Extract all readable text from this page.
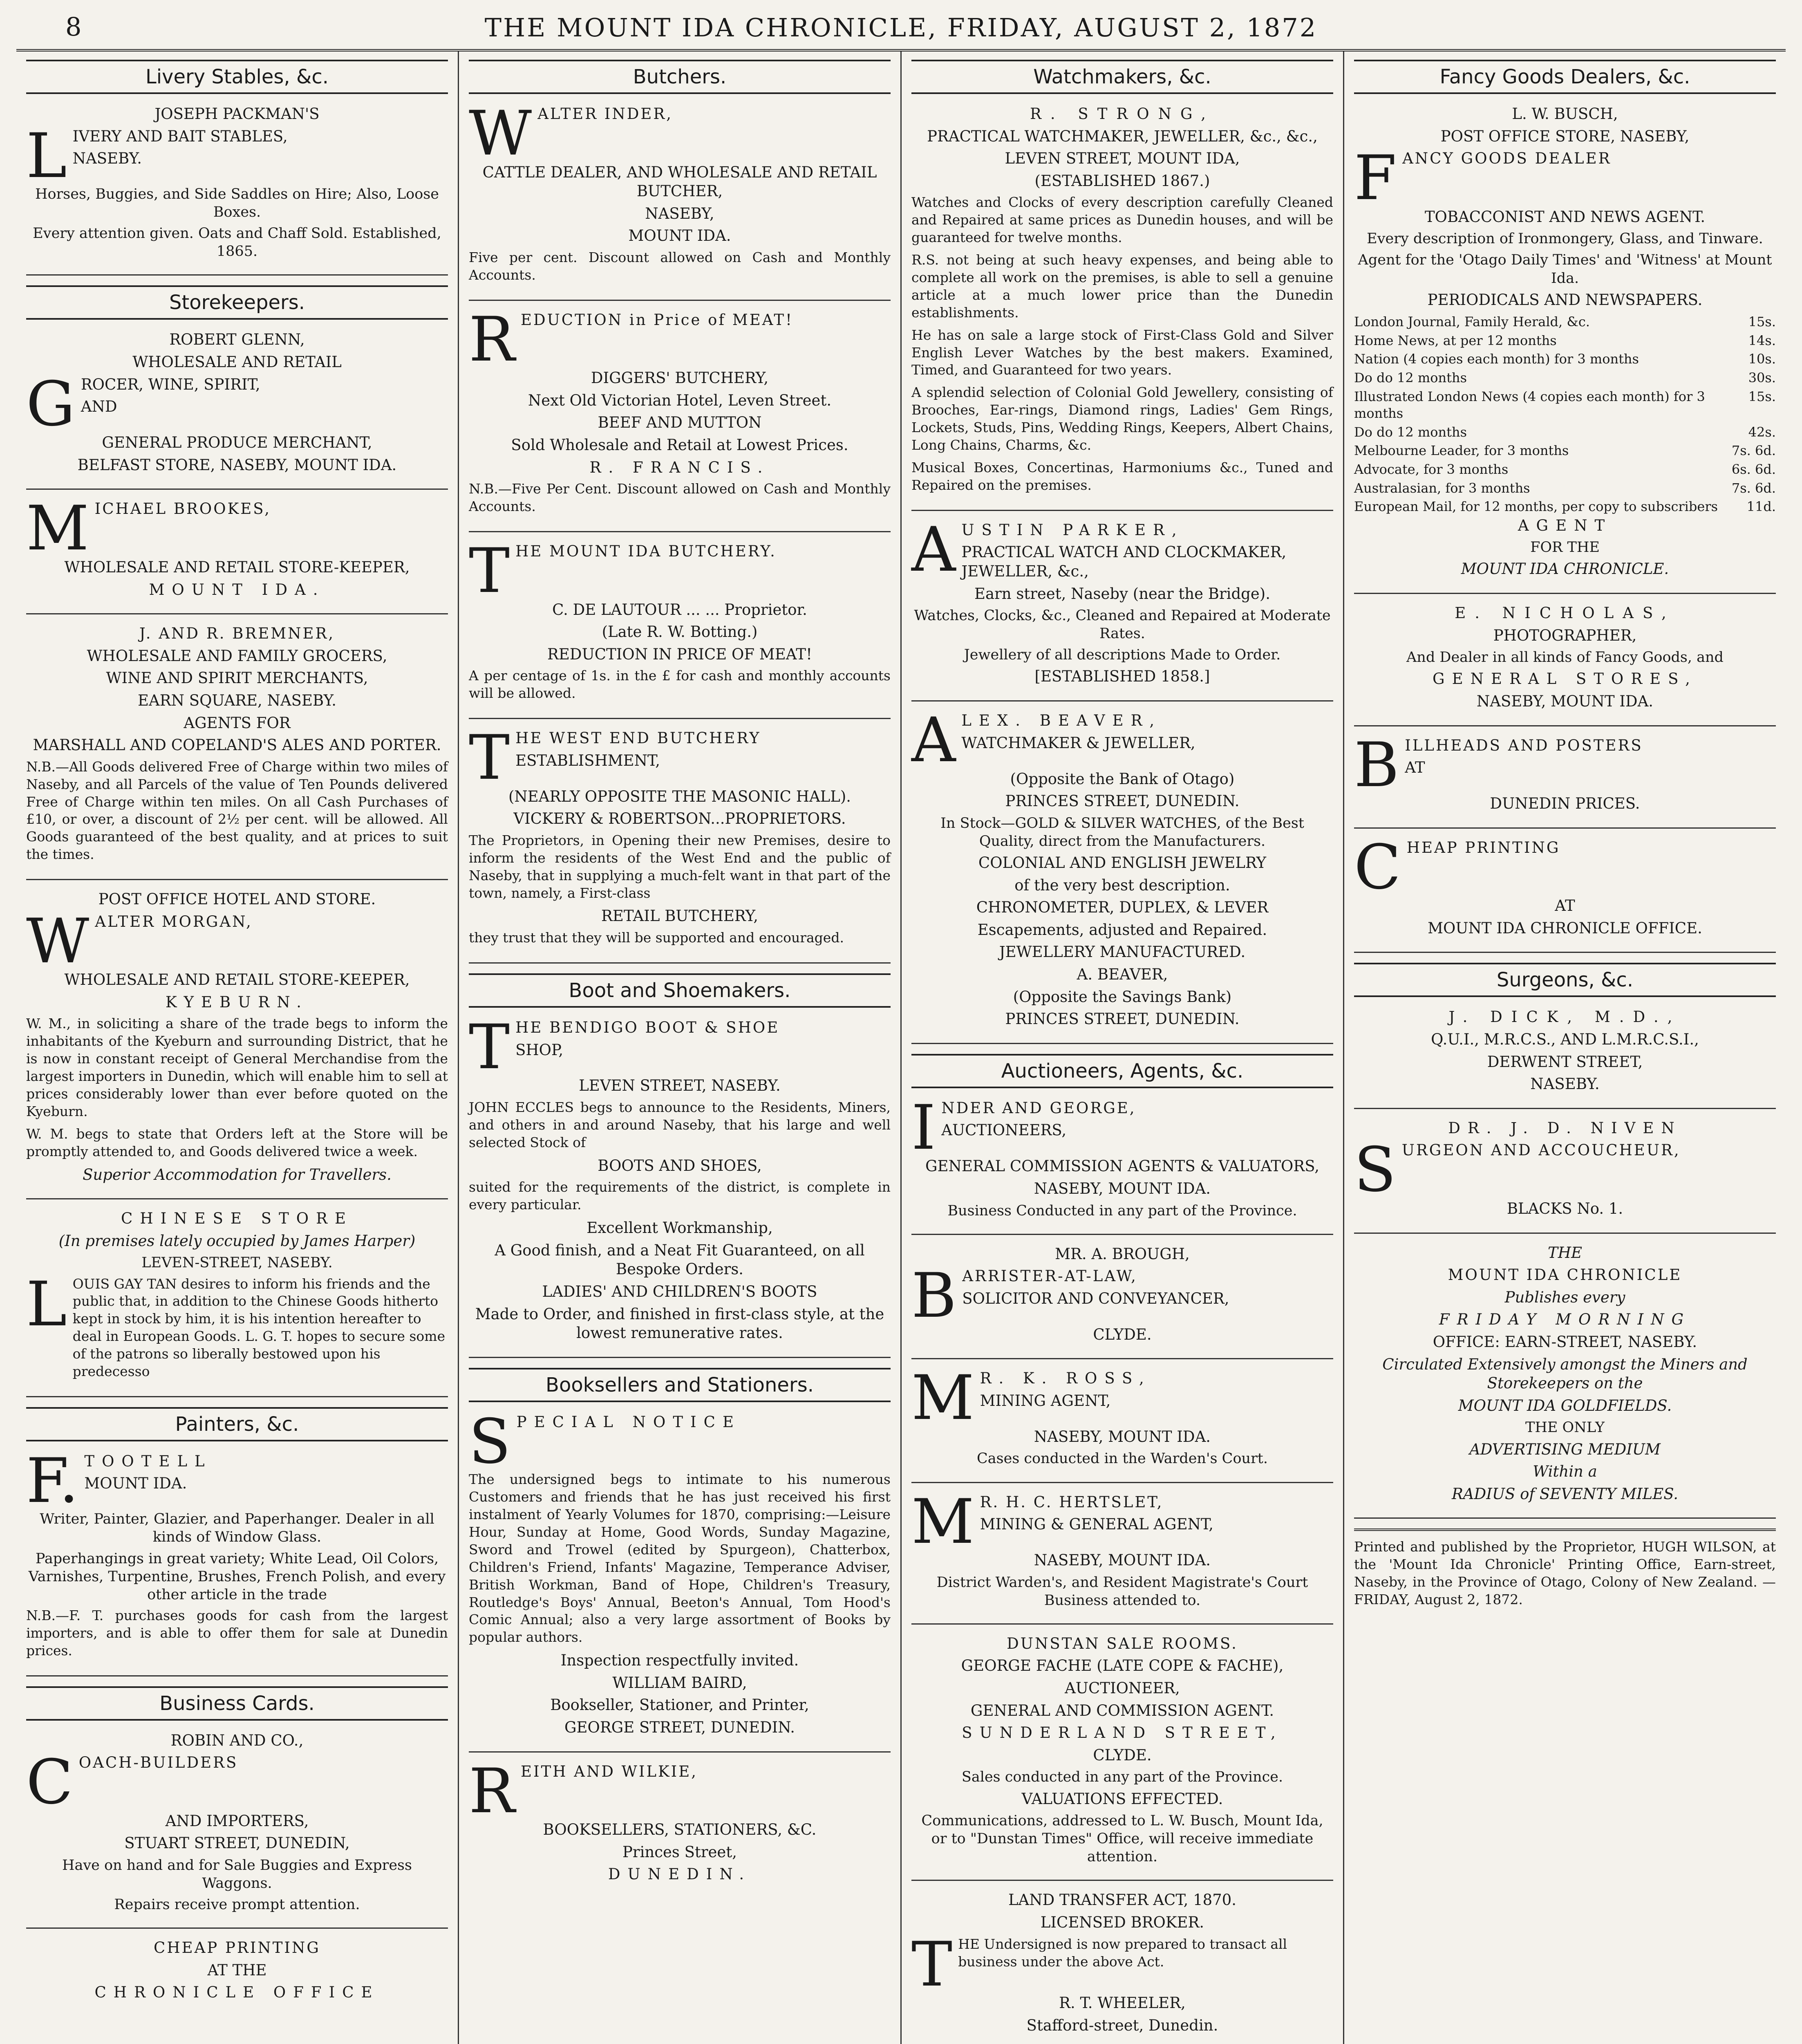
8	THE MOUNT IDA CHRONICLE, FRIDAY, AUGUST 2, 1872
Livery Stables, &c.

JOSEPH PACKMAN'S

L IVERY AND BAIT STABLES,

NASEBY.

Horses, Buggies, and Side Saddles on Hire; Also, Loose Boxes.

Every attention given. Oats and Chaff Sold. Established, 1865.

Storekeepers.

ROBERT GLENN,

WHOLESALE AND RETAIL

G ROCER, WINE, SPIRIT,

AND

GENERAL PRODUCE MERCHANT,

BELFAST STORE, NASEBY, MOUNT IDA.

M ICHAEL BROOKES,

WHOLESALE AND RETAIL STORE-KEEPER,

MOUNT IDA.

J. AND R. BREMNER,

WHOLESALE AND FAMILY GROCERS,

WINE AND SPIRIT MERCHANTS,

EARN SQUARE, NASEBY.

AGENTS FOR

MARSHALL AND COPELAND'S ALES AND PORTER.

N.B.—All Goods delivered Free of Charge within two miles of Naseby, and all Parcels of the value of Ten Pounds delivered Free of Charge within ten miles. On all Cash Purchases of £10, or over, a discount of 2½ per cent. will be allowed. All Goods guaranteed of the best quality, and at prices to suit the times.

POST OFFICE HOTEL AND STORE.

W ALTER MORGAN,

WHOLESALE AND RETAIL STORE-KEEPER,

KYEBURN.

W. M., in soliciting a share of the trade begs to inform the inhabitants of the Kyeburn and surrounding District, that he is now in constant receipt of General Merchandise from the largest importers in Dunedin, which will enable him to sell at prices considerably lower than ever before quoted on the Kyeburn.

W. M. begs to state that Orders left at the Store will be promptly attended to, and Goods delivered twice a week.

Superior Accommodation for Travellers.

CHINESE STORE

(In premises lately occupied by James Harper)

LEVEN-STREET, NASEBY.

L OUIS GAY TAN desires to inform his friends and the public that, in addition to the Chinese Goods hitherto kept in stock by him, it is his intention hereafter to deal in European Goods. L. G. T. hopes to secure some of the patrons so liberally bestowed upon his predecesso

Painters, &c.
F. TOOTELL

MOUNT IDA.

Writer, Painter, Glazier, and Paperhanger. Dealer in all kinds of Window Glass.

Paperhangings in great variety; White Lead, Oil Colors, Varnishes, Turpentine, Brushes, French Polish, and every other article in the trade

N.B.—F. T. purchases goods for cash from the largest importers, and is able to offer them for sale at Dunedin prices.

Business Cards.

ROBIN AND CO.,

C OACH-BUILDERS

AND IMPORTERS,

STUART STREET, DUNEDIN,

Have on hand and for Sale Buggies and Express Waggons.

Repairs receive prompt attention.

CHEAP PRINTING

AT THE

CHRONICLE OFFICE

Butchers.
W ALTER INDER,

CATTLE DEALER, AND WHOLESALE AND RETAIL BUTCHER,

NASEBY,

MOUNT IDA.

Five per cent. Discount allowed on Cash and Monthly Accounts.

R EDUCTION in Price of MEAT!

DIGGERS' BUTCHERY,

Next Old Victorian Hotel, Leven Street.

BEEF AND MUTTON

Sold Wholesale and Retail at Lowest Prices.

R. FRANCIS.

N.B.—Five Per Cent. Discount allowed on Cash and Monthly Accounts.

T HE MOUNT IDA BUTCHERY.

C. DE LAUTOUR ... ... Proprietor.

(Late R. W. Botting.)

REDUCTION IN PRICE OF MEAT!

A per centage of 1s. in the £ for cash and monthly accounts will be allowed.

T HE WEST END BUTCHERY

ESTABLISHMENT,

(NEARLY OPPOSITE THE MASONIC HALL).

VICKERY & ROBERTSON...PROPRIETORS.

The Proprietors, in Opening their new Premises, desire to inform the residents of the West End and the public of Naseby, that in supplying a much-felt want in that part of the town, namely, a First-class

RETAIL BUTCHERY,

they trust that they will be supported and encouraged.

Boot and Shoemakers.
T HE BENDIGO BOOT & SHOE

SHOP,

LEVEN STREET, NASEBY.

JOHN ECCLES begs to announce to the Residents, Miners, and others in and around Naseby, that his large and well selected Stock of

BOOTS AND SHOES,

suited for the requirements of the district, is complete in every particular.

Excellent Workmanship,

A Good finish, and a Neat Fit Guaranteed, on all Bespoke Orders.

LADIES' AND CHILDREN'S BOOTS

Made to Order, and finished in first-class style, at the lowest remunerative rates.

Booksellers and Stationers.
S PECIAL NOTICE

The undersigned begs to intimate to his numerous Customers and friends that he has just received his first instalment of Yearly Volumes for 1870, comprising:—Leisure Hour, Sunday at Home, Good Words, Sunday Magazine, Sword and Trowel (edited by Spurgeon), Chatterbox, Children's Friend, Infants' Magazine, Temperance Adviser, British Workman, Band of Hope, Children's Treasury, Routledge's Boys' Annual, Beeton's Annual, Tom Hood's Comic Annual; also a very large assortment of Books by popular authors.

Inspection respectfully invited.

WILLIAM BAIRD,

Bookseller, Stationer, and Printer,

GEORGE STREET, DUNEDIN.

R EITH AND WILKIE,

BOOKSELLERS, STATIONERS, &C.

Princes Street,

DUNEDIN.

Watchmakers, &c.

R. STRONG,

PRACTICAL WATCHMAKER, JEWELLER, &c., &c.,

LEVEN STREET, MOUNT IDA,

(ESTABLISHED 1867.)

Watches and Clocks of every description carefully Cleaned and Repaired at same prices as Dunedin houses, and will be guaranteed for twelve months.

R.S. not being at such heavy expenses, and being able to complete all work on the premises, is able to sell a genuine article at a much lower price than the Dunedin establishments.

He has on sale a large stock of First-Class Gold and Silver English Lever Watches by the best makers. Examined, Timed, and Guaranteed for two years.

A splendid selection of Colonial Gold Jewellery, consisting of Brooches, Ear-rings, Diamond rings, Ladies' Gem Rings, Lockets, Studs, Pins, Wedding Rings, Keepers, Albert Chains, Long Chains, Charms, &c.

Musical Boxes, Concertinas, Harmoniums &c., Tuned and Repaired on the premises.

A USTIN PARKER,

PRACTICAL WATCH AND CLOCKMAKER, JEWELLER, &c.,

Earn street, Naseby (near the Bridge).

Watches, Clocks, &c., Cleaned and Repaired at Moderate Rates.

Jewellery of all descriptions Made to Order.

[ESTABLISHED 1858.]

A LEX. BEAVER,

WATCHMAKER & JEWELLER,

(Opposite the Bank of Otago)

PRINCES STREET, DUNEDIN.

In Stock—GOLD & SILVER WATCHES, of the Best Quality, direct from the Manufacturers.

COLONIAL AND ENGLISH JEWELRY

of the very best description.

CHRONOMETER, DUPLEX, & LEVER

Escapements, adjusted and Repaired.

JEWELLERY MANUFACTURED.

A. BEAVER,

(Opposite the Savings Bank)

PRINCES STREET, DUNEDIN.

Auctioneers, Agents, &c.
I NDER AND GEORGE,

AUCTIONEERS,

GENERAL COMMISSION AGENTS & VALUATORS,

NASEBY, MOUNT IDA.

Business Conducted in any part of the Province.

MR. A. BROUGH,

B ARRISTER-AT-LAW,

SOLICITOR AND CONVEYANCER,

CLYDE.

M R. K. ROSS,

MINING AGENT,

NASEBY, MOUNT IDA.

Cases conducted in the Warden's Court.

M R. H. C. HERTSLET,

MINING & GENERAL AGENT,

NASEBY, MOUNT IDA.

District Warden's, and Resident Magistrate's Court Business attended to.

DUNSTAN SALE ROOMS.

GEORGE FACHE (LATE COPE & FACHE),

AUCTIONEER,

GENERAL AND COMMISSION AGENT.

SUNDERLAND STREET,

CLYDE.

Sales conducted in any part of the Province.

VALUATIONS EFFECTED.

Communications, addressed to L. W. Busch, Mount Ida, or to "Dunstan Times" Office, will receive immediate attention.

LAND TRANSFER ACT, 1870.

LICENSED BROKER.

T HE Undersigned is now prepared to transact all business under the above Act.

R. T. WHEELER,

Stafford-street, Dunedin.

Fancy Goods Dealers, &c.

L. W. BUSCH,

POST OFFICE STORE, NASEBY,

F ANCY GOODS DEALER

TOBACCONIST AND NEWS AGENT.

Every description of Ironmongery, Glass, and Tinware.

Agent for the 'Otago Daily Times' and 'Witness' at Mount Ida.

PERIODICALS AND NEWSPAPERS.

London Journal, Family Herald, &c.	15s.
Home News, at per 12 months	14s.
Nation (4 copies each month) for 3 months	10s.
Do do 12 months	30s.
Illustrated London News (4 copies each month) for 3 months	15s.
Do do 12 months	42s.
Melbourne Leader, for 3 months	7s. 6d.
Advocate, for 3 months	6s. 6d.
Australasian, for 3 months	7s. 6d.
European Mail, for 12 months, per copy to subscribers	11d.

AGENT

FOR THE

MOUNT IDA CHRONICLE.

E. NICHOLAS,

PHOTOGRAPHER,

And Dealer in all kinds of Fancy Goods, and

GENERAL STORES,

NASEBY, MOUNT IDA.

B ILLHEADS AND POSTERS

AT

DUNEDIN PRICES.

C HEAP PRINTING

AT

MOUNT IDA CHRONICLE OFFICE.

Surgeons, &c.

J. DICK, M.D.,

Q.U.I., M.R.C.S., AND L.M.R.C.S.I.,

DERWENT STREET,

NASEBY.

DR. J. D. NIVEN

S URGEON AND ACCOUCHEUR,

BLACKS No. 1.

THE

MOUNT IDA CHRONICLE

Publishes every

FRIDAY MORNING

OFFICE: EARN-STREET, NASEBY.

Circulated Extensively amongst the Miners and Storekeepers on the

MOUNT IDA GOLDFIELDS.

THE ONLY

ADVERTISING MEDIUM

Within a

RADIUS of SEVENTY MILES.

Printed and published by the Proprietor, HUGH WILSON, at the 'Mount Ida Chronicle' Printing Office, Earn-street, Naseby, in the Province of Otago, Colony of New Zealand. —FRIDAY, August 2, 1872.
